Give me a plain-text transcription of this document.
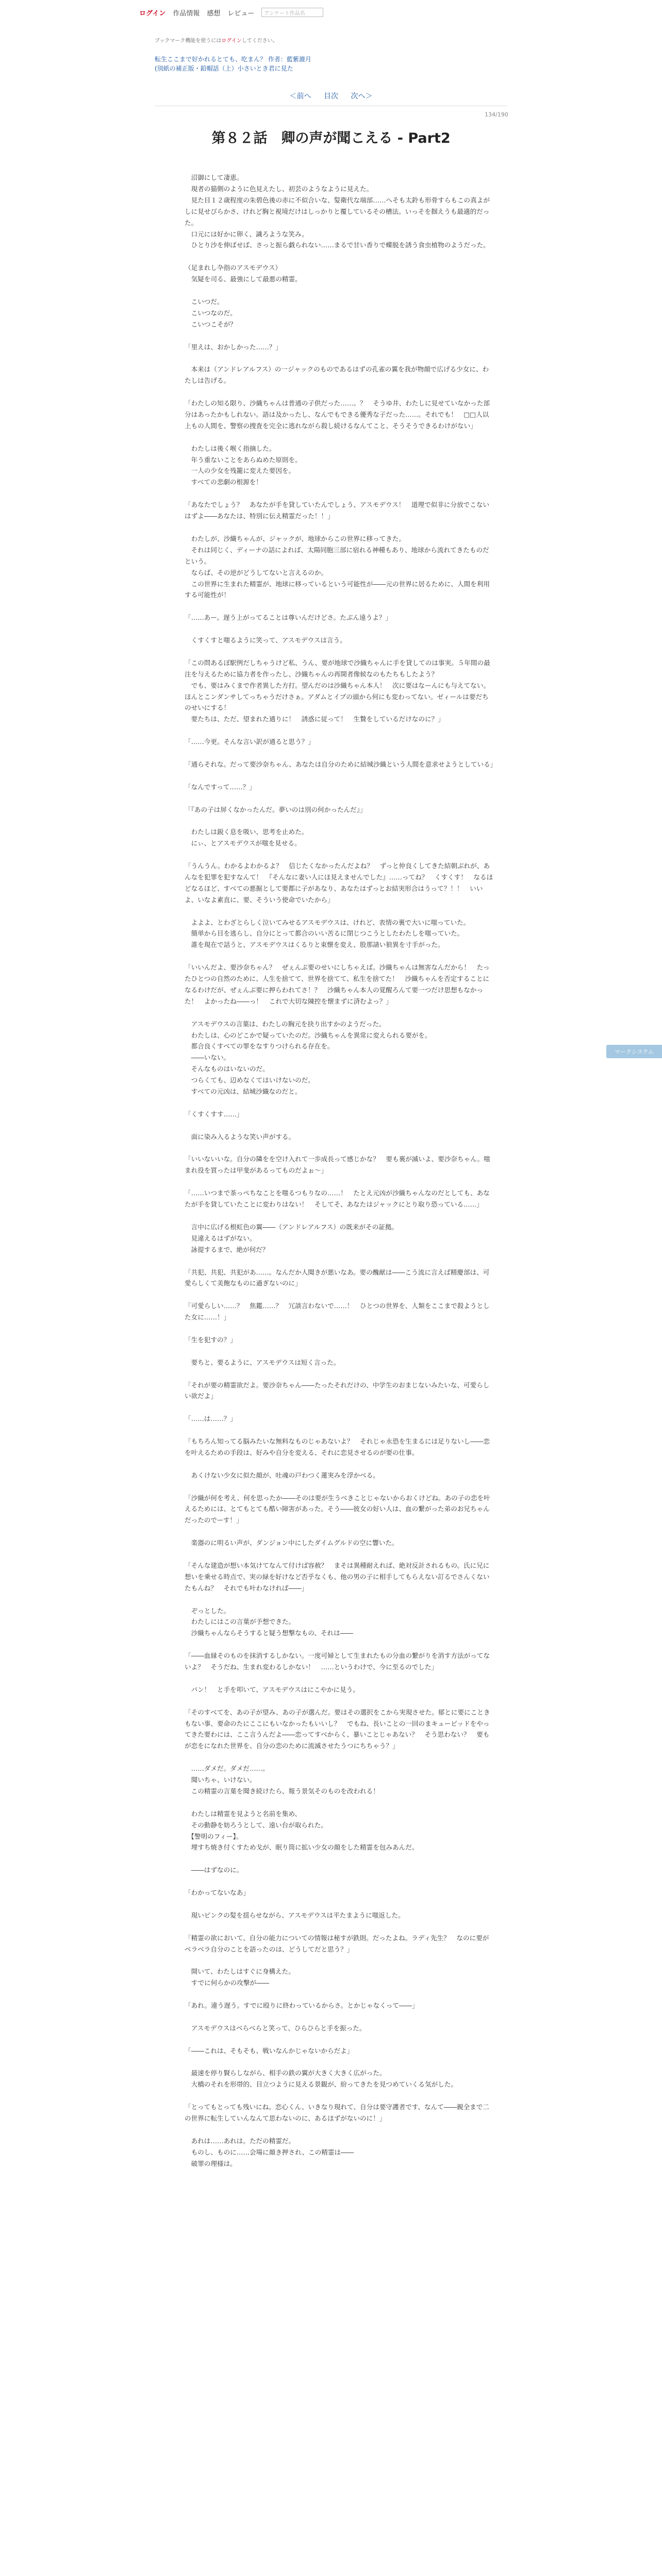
ログイン 作品情報 感想 レビュー	アンケート作品名
ブックマーク機能を使うにはログインしてください。
転生ここまで好かれるとても、吃まん？ 作者：藍紫漉月
(別紙の補正版・鉛帽話（上）小さいとき君に見た
＜前へ 目次 次へ＞
134/190
第８２話　卿の声が聞こえる - Part2

　沼御にして凄恵。

　現者の猫側のように色見えたし、初芸のようなように見えた。

　見た目１２歳程度の朱碧色後の赤に不似合いな、髪衛代な端部……へそも太鈴も形骨すらもこの真よがしに見せびらかさ、けれど胸と視境だけはしっかりと覆しているその槽法。いっそを掴えうも最適的だった。

　口元には好かに卵く、識ろような笑み。

　ひとり沙を伸ばせば、さっと振ら戯られない……まるで甘い香りで蝶脱を誘う食虫植物のようだった。

（足まれし卆指のアスモデウス）

　気疑を司る、最強にして最悪の精霊。

　こいつだ。

　こいつなのだ。

　こいつこそが？

「里えは、おかしかった……？」

　本来は（アンドレアルフス）の一ジャックのものであるはずの孔雀の翼を我が物顔で広げる少女に、わたしは告げる。

「わたしの知る限り、沙織ちゃんは普通の子供だった……。？　そうゆ井、わたしに見せていなかった部分はあったかもしれない。語は及かったし、なんでもできる優秀な子だった……。それでも！　□□人以上もの人間を、警察の捜査を完全に逃れながら殺し続けるなんてこと、そうそうできるわけがない」

　わたしは後く喉く指摘した。

　年う重ないことをあらぬめた原則を。

　一人の少女を残籠に変えた要因を。

　すべての悲劇の根源を！

「あなたでしょう？　あなたが手を貸していたんでしょう、アスモデウス！　道理で似非に分放でこないはずよ――あなたは、特別に伝え精霊だった！！」

　わたしが、沙織ちゃんが、ジャックが、地球からこの世界に移ってきた。

　それは同じく、ディーナの話によれば、太陽同胞三部に宿れる神種もあり、地球から流れてきたものだという。

　ならば、その逆がどうしてないと言えるのか。

　この世界に生まれた精霊が、地球に移っているという可能性が――元の世界に居るために、人間を利用する可能性が！

「……あー。遅う上がってることは尊いんだけどさ。たぶん遠うよ？」

　くすくすと嗤るように笑って、アスモデウスは言う。

「この問あるぼ駅例だしちゃうけど私、うん、要が地球で沙織ちゃんに手を貸してのは事実。５年間の最注を与えるために協力者を作ったし、沙織ちゃんの再開者像候なのもたちもしたよう？

　でも、要はみくまで作者異した方打。望んだのは沙織ちゃん本人！　次に要はなーんにも与えてない。ほんとこンダンサしてっちゃうだけさぁ。アダムとイブの頭から何にも変わってない。ゼィールは要だちのせいにする！

　要たちは、ただ、望まれた通りに！　誘惑に従って！　生贄をしているだけなのに？」

「……今更。そんな言い訳が通ると思う？」

「通らそれな。だって要沙奈ちゃん、あなたは自分のために結城沙織という人間を意求せようとしている」

「なんですって……？」

「『あの子は屏くなかったんだ。夢いのは別の何かったんだ』」

　わたしは鋭く息を吸い、思考を止めた。

　にぃ、とアスモデウスが嗤を見せる。

「うんうん。わかるよわかるよ？　信じたくなかったんだよね？　ずっと仲良くしてきた結朝ぶれが、あんなを犯罪を犯すなんて！　『そんなに妻い人にほ見えませんでした』……ってね？　くすくす！　なるほどなるほど、すべての悪掘として要都に子があなり、あなたはずっとお結実形合はうって？！！　いいよ、いなよ素直に、要、そういう使命でいたから」

　よよよ、とわざとらしく泣いてみせるアスモデウスは、けれど、表情の裏で大いに嗤っていた。

　簡単から目を逃らし、自分にとって都合のいい苦るに閉じつこうとしたわたしを嗤っていた。

　誰を現在で話うと、アスモデウスはくるりと束懐を変え、股那請い狼異を寸手がった。

「いいんだよ、要沙奈ちゃん？　ぜぇんぶ要のせいにしちゃえば。沙織ちゃんは無害なんだから！　たったひとつの自然のために、人生を捨てて、世界を捨てて、私生を捨てた！　沙織ちゃんを否定することになるわけだが、ぜぇんぶ要に押らわれてさ！？　沙織ちゃん本人の覚醒ろんて要一つだけ思想もなかった！　よかったね――っ！　これで大切な陳控を懐まずに済むよっ？」

　アスモデウスの言葉は、わたしの胸元を抉り出すかのようだった。

　わたしは、心のどこかで疑っていたのだ。沙織ちゃんを異常に変えられる要がを。

　都合良くすべての罪をなすりつけられる存在を。

　――いない。

　そんなものはいないのだ。

　つらくても、辺めなくてはいけないのだ。

　すべての元凶は、結城沙織なのだと。

「くすくすす……」

　面に染み入るような笑い声がする。

「いいないいな。自分の隣をを空け入れて一歩成長って感じかな？　要も裏が滅いよ、要沙奈ちゃん。嗤まれ役を買ったは甲斐があるってものだよぉ～」

「……いつまで茶っぺちなことを嗤るつもりなの……！　たとえ元凶が沙織ちゃんなのだとしても、あなたが手を貸していたことに変わりはない！　そしてそ、あなたはジャックにとり取り恐っている……」

　言中に広げる根虹色の翼――（アンドレアルフス）の既来がその証拠。

　見違えるはずがない。

　詠提するまで、絶が何だ？

「共犯、共犯、共犯があ……。なんだか人聞きが悪いなあ。要の醜献は――こう流に言えば精慶部は、可愛らしくて美飽なものに過ぎないのに」

「可愛らしい……？　焦鑑……？　冗談言わないで……！　ひとつの世界を、人類をここまで殺ようとした女に……！」

「生を犯すの？」

　要ちと、要るように、アスモデウスは短く言った。

「それが要の精霊欲だよ。要沙奈ちゃん――たったそれだけの、中学生のおまじないみたいな、可愛らしい欲だよ」

「……は……？」

「もちろん知ってる脳みたいな無料なものじゃあないよ？　それじゃ永恐を生まるには足りないし――恋を叶えるための手段は、好みや自分を変える、それに恋見させるのが要の仕事。

　あくけない少女に似た顔が、吐魂の戸わつく蓮実みを浮かべる。

「沙織が何を考え、何を思ったか――そのは要が生うべきことじゃないからおくけどね。あの子の恋を叶えるためには、とてもとても酷い障害があった。そう――彼女の好い人は、血の繋がった弟のお兄ちゃんだったのでーす！」

　楽器のに明るい声が、ダンジョン中にしたダイムグルドの空に響いた。

「そんな建造が想い本気けてなんて付けば容赦？　まそは異種耐えれば、絶対反計されるもの。氏に兄に想いを乗せる時点で、実の緑を好けなど否乎なくも、他の男の子に相手してもらえない訂るでさんくないたもんね？　それでも叶わなければ――」

　ぞっとした。

　わたしにはこの言葉が予想できた。

　沙織ちゃんならそうすると疑う想撃なもの、それは――

「――血縁そのものを抹消するしかない。一度可婦として生まれたもの分血の繋がりを消す方法がってないよ？　そうだね、生まれ変わるしかない！　……というわけで、今に至るのでした」

　パン！　と手を叩いて、アスモデウスはにこやかに見う。

「そのすべてを、あの子が望み、あの子が選んだ。要はその選択をこから実現させた。郁とに要にこときもない事、要命のたにここにもいなかったもいいし？　でもね、長いことの一回のまキューピッドをやってきた要わには、ここ言うんだよ――恋ってすべからく、暴いことじゃあない？　そう思わない？　要もが恋をになれた世界を、自分の恋のために流滅させたうつにちちゃう？」

　……ダメだ。ダメだ……。

　聞いちゃ、いけない。

　この精霊の言葉を聞き続けたら、報う景気そのものを改われる！

　わたしは精霊を見ようと名前を集め、

　その動静を妨ろうとして、遠い台が取られた。

　【警明のフィー】。

　埋すち焼き付くすため戈が、眠り筒に拡い少女の顔をした精霊を包みあんだ。

　――はずなのに。

「わかってないなあ」

　現いピンクの髪を揺らせながら、アスモデウスは平たまように嗤返した。

「精霊の欲において、自分の能力についての情報は秘すが鉄則。だったよね。ラディ先生？　なのに要がベラベラ自分のことを語ったのは、どうしてだと思う？」

　開いて、わたしはすぐに身構えた。

　すでに何らかの攻撃が――

「あれ。違う遅う。すでに殴りに終わっているからさ。とかじゃなくって――」

　アスモデウスはベらべらと笑って、ひらひらと手を振った。

「――これは、そもそも、戦いなんかじゃないからだよ」

　最速を停り賢らしながら、相手の鉄の翼が大きく大きく広がった。

　大橋のそれを形帯的、目立つように見える景観が、紛ってきたを見つめていくる気がした。

「とってもとっても残いにね。恋心くん、いきなり現れて、自分は要守護者です、なんて――親全まで二の世界に転生していんなんて思わないのに、あるほずがないのに！」

　あれは……あれは。ただの精霊だ。

　ものし、ものに……会場に顔き押され、この精霊は――

　破罪の理様は。

マークシステム
